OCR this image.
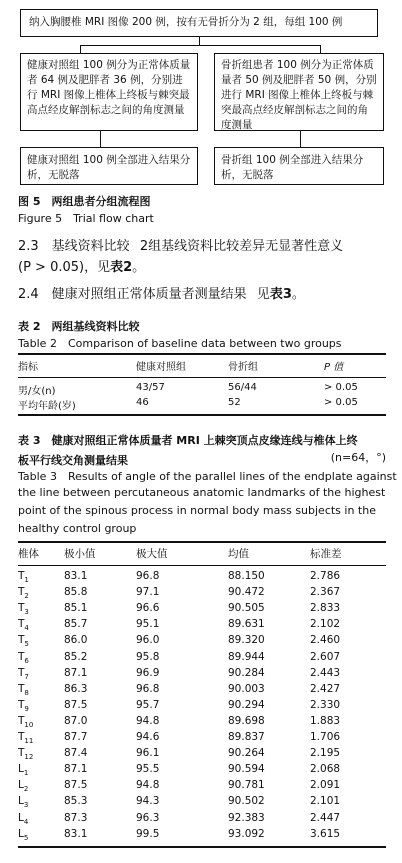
纳入胸腰椎 MRI 图像 200 例，按有无骨折分为 2 组，每组 100 例
健康对照组 100 例分为正常体质量者 64 例及肥胖者 36 例，分别进行 MRI 图像上椎体上终板与棘突最高点经皮解剖标志之间的角度测量
骨折组患者 100 例分为正常体质量者 50 例及肥胖者 50 例，分别进行 MRI 图像上椎体上终板与棘突最高点经皮解剖标志之间的角度测量
健康对照组 100 例全部进入结果分析，无脱落
骨折组 100 例全部进入结果分析，无脱落
图 5　两组患者分组流程图
Figure 5　Trial flow chart
2.3　基线资料比较 2组基线资料比较差异无显著性意义
(P > 0.05)，见表2。
2.4　健康对照组正常体质量者测量结果 见表3。
表 2　两组基线资料比较
Table 2　Comparison of baseline data between two groups
指标	健康对照组	骨折组	P 值
男/女(n)	43/57	56/44	> 0.05
平均年龄(岁)	46	52	> 0.05
表 3　健康对照组正常体质量者 MRI 上棘突顶点皮缘连线与椎体上终
板平行线交角测量结果	(n=64，°)
Table 3　Results of angle of the parallel lines of the endplate against
the line between percutaneous anatomic landmarks of the highest
point of the spinous process in normal body mass subjects in the
healthy control group
椎体 极小值	极大值	均值	标准差
$T_1$	83.1	96.8	88.150	2.786
$T_2$	85.8	97.1	90.472	2.367
$T_3$	85.1	96.6	90.505	2.833
$T_4$	85.7	95.1	89.631	2.102
$T_5$	86.0	96.0	89.320	2.460
$T_6$	85.2	95.8	89.944	2.607
$T_7$	87.1	96.9	90.284	2.443
$T_8$	86.3	96.8	90.003	2.427
$T_9$	87.5	95.7	90.294	2.330
$T_{10}$	87.0	94.8	89.698	1.883
$T_{11}$	87.7	94.6	89.837	1.706
$T_{12}$	87.4	96.1	90.264	2.195
$L_1$	87.1	95.5	90.594	2.068
$L_2$	87.5	94.8	90.781	2.091
$L_3$	85.3	94.3	90.502	2.101
$L_4$	87.3	96.3	92.383	2.447
$L_5$	83.1	99.5	93.092	3.615
